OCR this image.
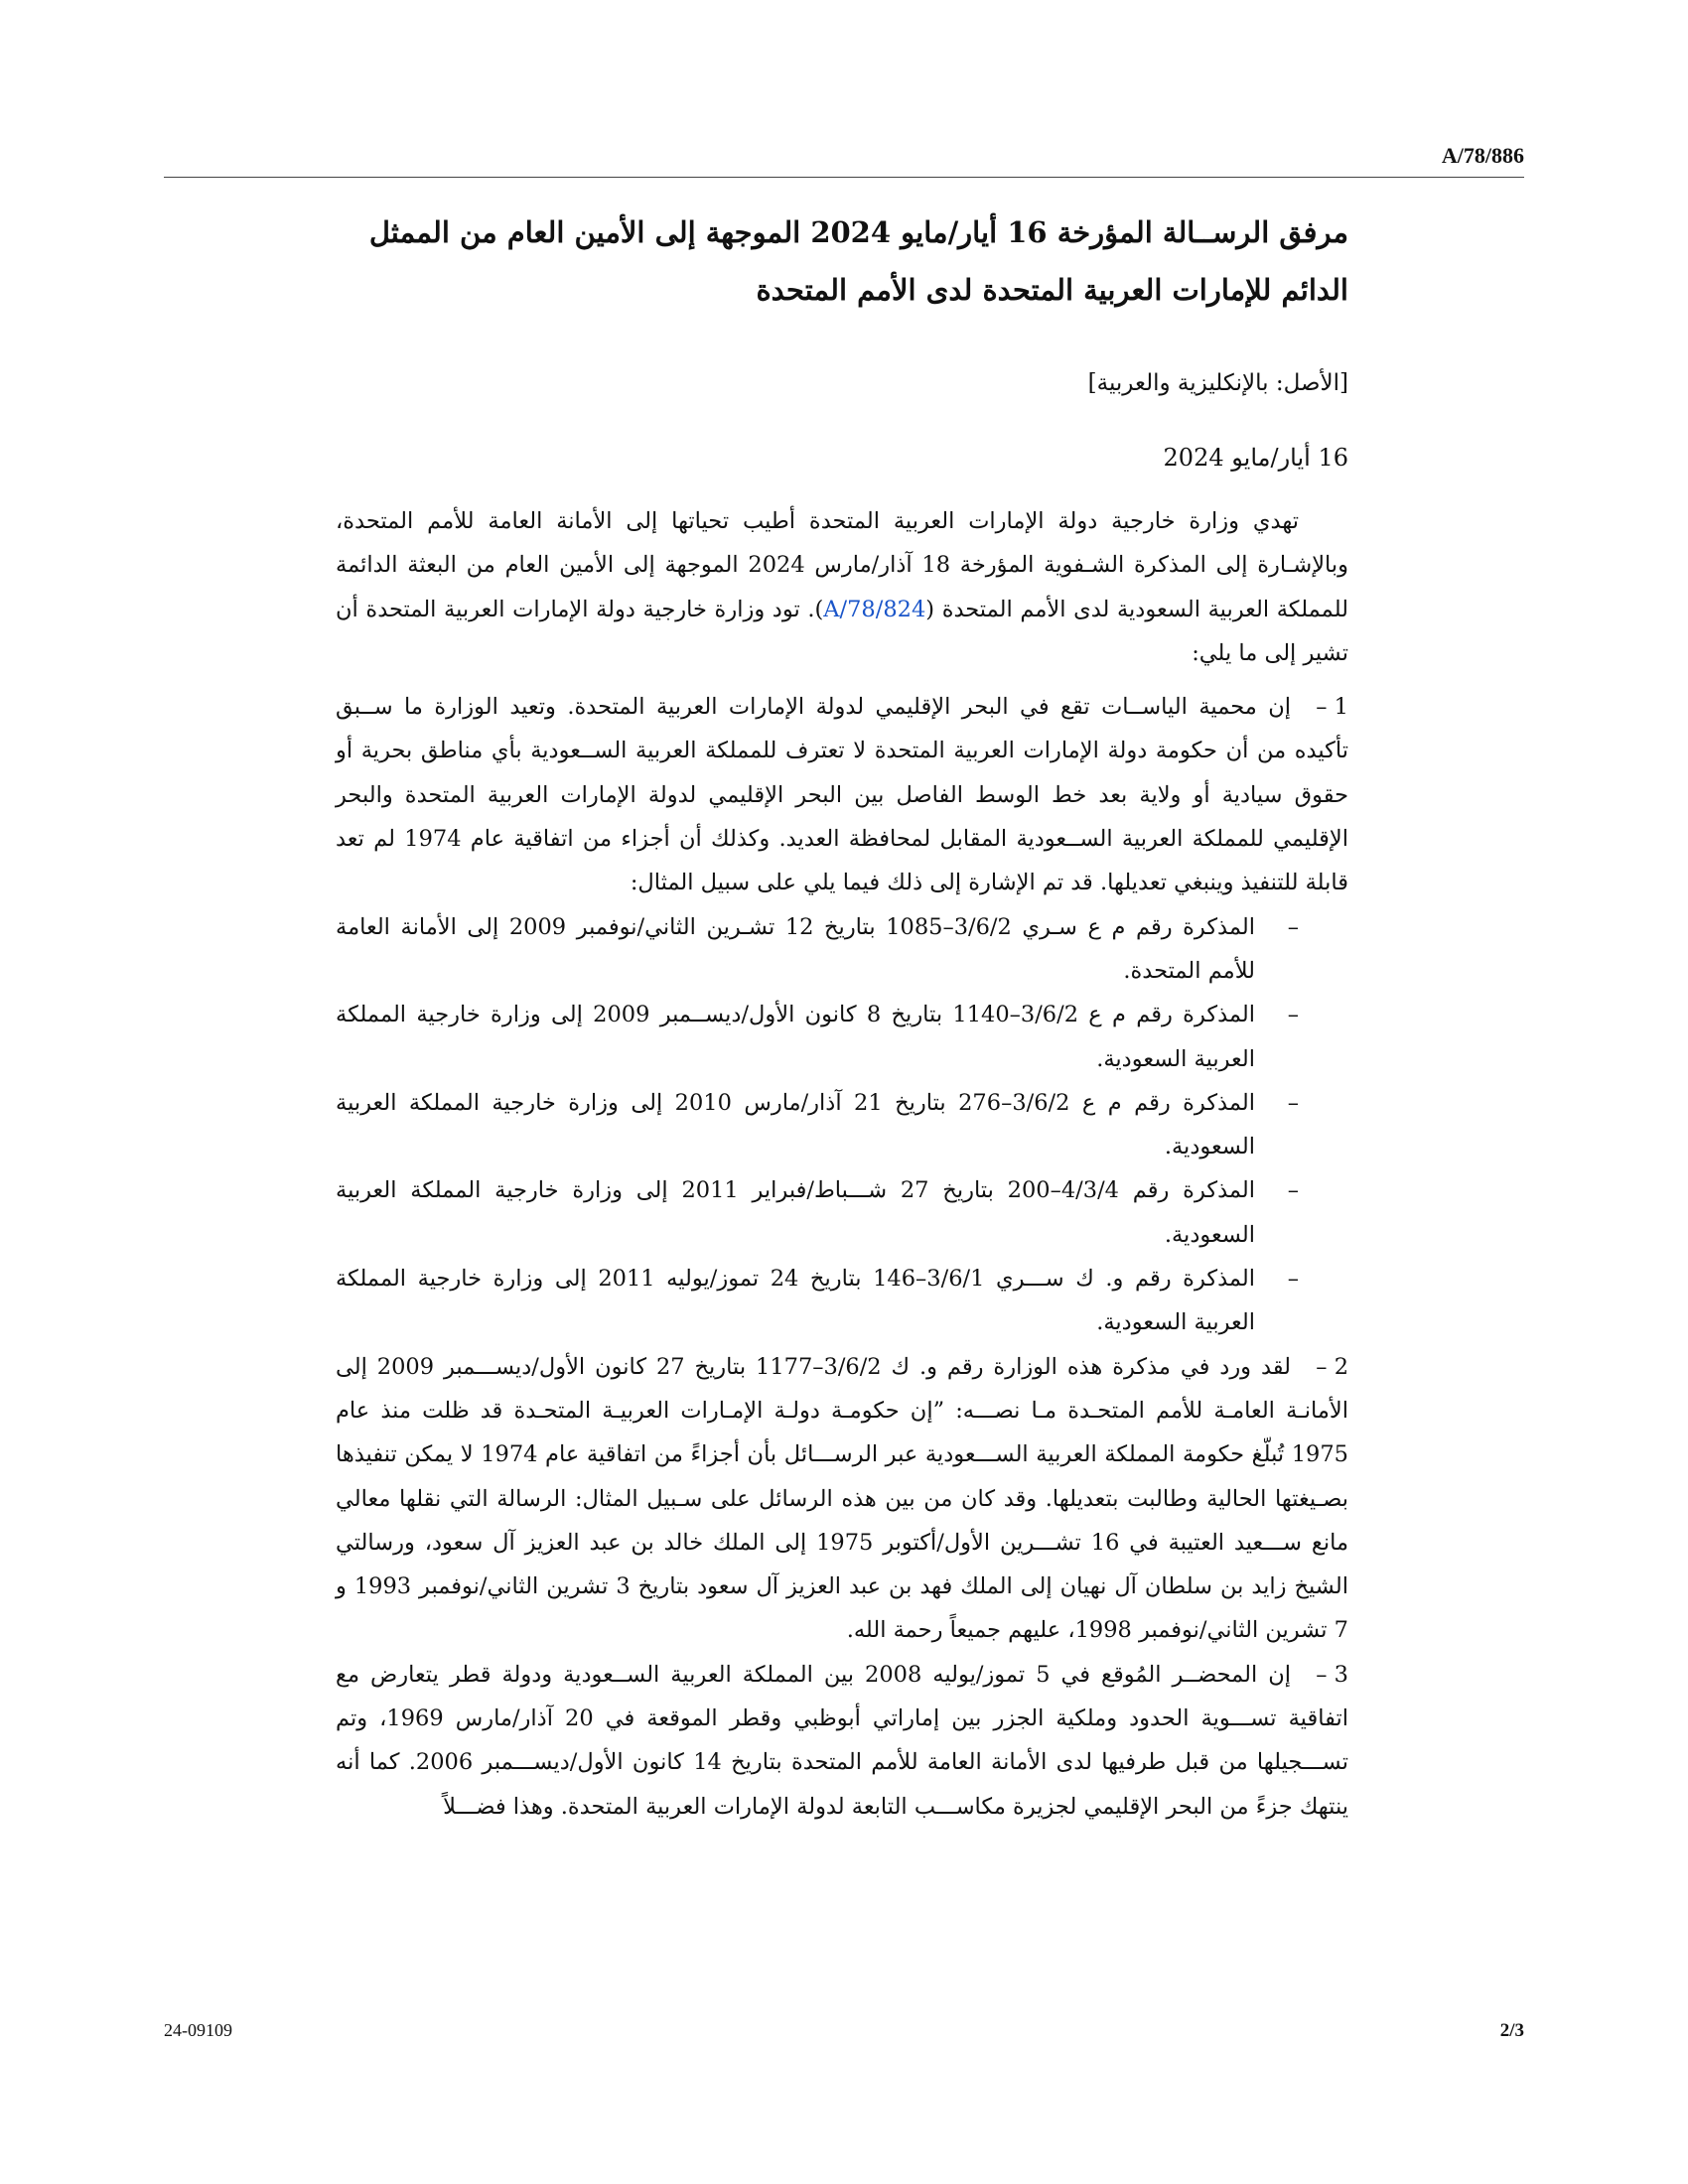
A/78/886
مرفق الرســالة المؤرخة 16 أيار/مايو 2024 الموجهة إلى الأمين العام من الممثل الدائم للإمارات العربية المتحدة لدى الأمم المتحدة
[الأصل: بالإنكليزية والعربية]
16 أيار/مايو 2024

تهدي وزارة خارجية دولة الإمارات العربية المتحدة أطيب تحياتها إلى الأمانة العامة للأمم المتحدة، وبالإشـارة إلى المذكرة الشـفوية المؤرخة 18 آذار/مارس 2024 الموجهة إلى الأمين العام من البعثة الدائمة للمملكة العربية السعودية لدى الأمم المتحدة (A/78/824). تود وزارة خارجية دولة الإمارات العربية المتحدة أن تشير إلى ما يلي:

1 –إن محمية الياســات تقع في البحر الإقليمي لدولة الإمارات العربية المتحدة. وتعيد الوزارة ما ســبق تأكيده من أن حكومة دولة الإمارات العربية المتحدة لا تعترف للمملكة العربية الســعودية بأي مناطق بحرية أو حقوق سيادية أو ولاية بعد خط الوسط الفاصل بين البحر الإقليمي لدولة الإمارات العربية المتحدة والبحر الإقليمي للمملكة العربية الســعودية المقابل لمحافظة العديد. وكذلك أن أجزاء من اتفاقية عام 1974 لم تعد قابلة للتنفيذ وينبغي تعديلها. قد تم الإشارة إلى ذلك فيما يلي على سبيل المثال:

–
المذكرة رقم م ع سـري 3/6/2–1085 بتاريخ 12 تشـرين الثاني/نوفمبر 2009 إلى الأمانة العامة للأمم المتحدة.
–
المذكرة رقم م ع 3/6/2–1140 بتاريخ 8 كانون الأول/ديســمبر 2009 إلى وزارة خارجية المملكة العربية السعودية.
–
المذكرة رقم م ع 3/6/2–276 بتاريخ 21 آذار/مارس 2010 إلى وزارة خارجية المملكة العربية السعودية.
–
المذكرة رقم 4/3/4–200 بتاريخ 27 شـــباط/فبراير 2011 إلى وزارة خارجية المملكة العربية السعودية.
–
المذكرة رقم و. ك ســـري 3/6/1–146 بتاريخ 24 تموز/يوليه 2011 إلى وزارة خارجية المملكة العربية السعودية.

2 –لقد ورد في مذكرة هذه الوزارة رقم و. ك 3/6/2–1177 بتاريخ 27 كانون الأول/ديســـمبر 2009 إلى الأمانـة العامـة للأمم المتحـدة مـا نصـــه: ”إن حكومـة دولـة الإمـارات العربيـة المتحـدة قد ظلت منذ عام 1975 تُبلّغ حكومة المملكة العربية الســـعودية عبر الرســـائل بأن أجزاءً من اتفاقية عام 1974 لا يمكن تنفيذها بصـيغتها الحالية وطالبت بتعديلها. وقد كان من بين هذه الرسائل على سـبيل المثال: الرسالة التي نقلها معالي مانع ســـعيد العتيبة في 16 تشـــرين الأول/أكتوبر 1975 إلى الملك خالد بن عبد العزيز آل سعود، ورسالتي الشيخ زايد بن سلطان آل نهيان إلى الملك فهد بن عبد العزيز آل سعود بتاريخ 3 تشرين الثاني/نوفمبر 1993 و 7 تشرين الثاني/نوفمبر 1998، عليهم جميعاً رحمة الله.

3 –إن المحضــر المُوقع في 5 تموز/يوليه 2008 بين المملكة العربية الســعودية ودولة قطر يتعارض مع اتفاقية تســـوية الحدود وملكية الجزر بين إماراتي أبوظبي وقطر الموقعة في 20 آذار/مارس 1969، وتم تســـجيلها من قبل طرفيها لدى الأمانة العامة للأمم المتحدة بتاريخ 14 كانون الأول/ديســـمبر 2006. كما أنه ينتهك جزءً من البحر الإقليمي لجزيرة مكاســـب التابعة لدولة الإمارات العربية المتحدة. وهذا فضـــلاً

24-09109	2/3
